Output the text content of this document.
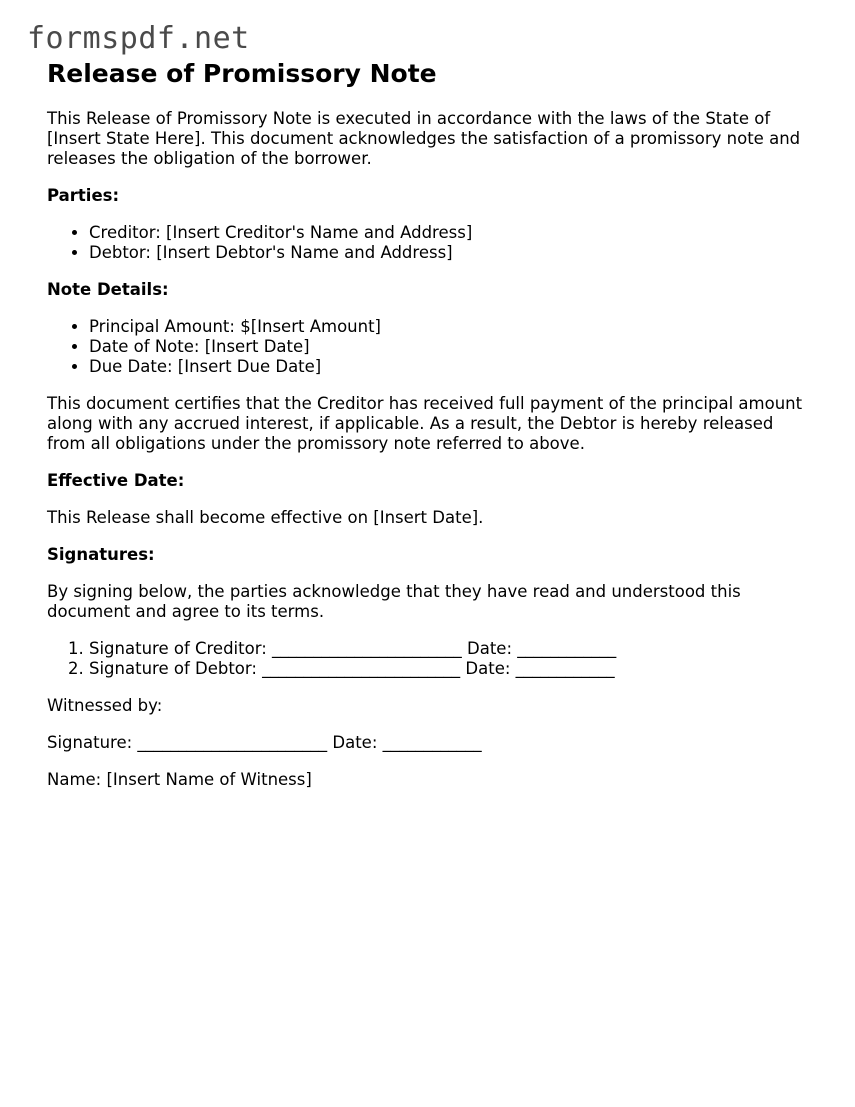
formspdf.net
Release of Promissory Note

This Release of Promissory Note is executed in accordance with the laws of the State of [Insert State Here]. This document acknowledges the satisfaction of a promissory note and releases the obligation of the borrower.

Parties:
• Creditor: [Insert Creditor's Name and Address]
• Debtor: [Insert Debtor's Name and Address]
Note Details:
• Principal Amount: $[Insert Amount]
• Date of Note: [Insert Date]
• Due Date: [Insert Due Date]

This document certifies that the Creditor has received full payment of the principal amount along with any accrued interest, if applicable. As a result, the Debtor is hereby released from all obligations under the promissory note referred to above.

Effective Date:

This Release shall become effective on [Insert Date].

Signatures:

By signing below, the parties acknowledge that they have read and understood this document and agree to its terms.

1. Signature of Creditor: _______________________ Date: ____________
2. Signature of Debtor: ________________________ Date: ____________

Witnessed by:

Signature: _______________________ Date: ____________

Name: [Insert Name of Witness]
